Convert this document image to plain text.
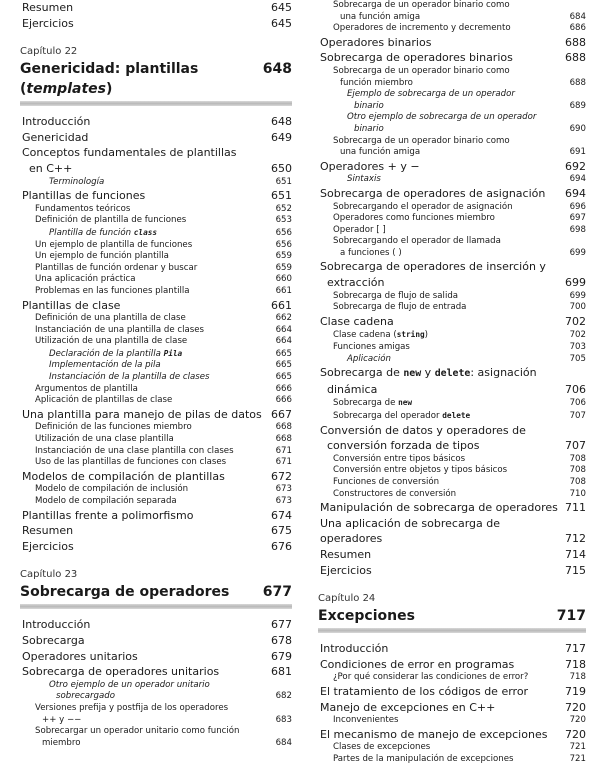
Resumen	645
Ejercicios	645
Capítulo 22
Genericidad: plantillas (templates)
648
Introducción	648
Genericidad	649
Conceptos fundamentales de plantillas
en C++	650
Terminología	651
Plantillas de funciones	651
Fundamentos teóricos	652
Definición de plantilla de funciones	653
Plantilla de función class	656
Un ejemplo de plantilla de funciones	656
Un ejemplo de función plantilla	659
Plantillas de función ordenar y buscar	659
Una aplicación práctica	660
Problemas en las funciones plantilla	661
Plantillas de clase	661
Definición de una plantilla de clase	662
Instanciación de una plantilla de clases	664
Utilización de una plantilla de clase	664
Declaración de la plantilla Pila	665
Implementación de la pila	665
Instanciación de la plantilla de clases	665
Argumentos de plantilla	666
Aplicación de plantillas de clase	666
Una plantilla para manejo de pilas de datos 667
Definición de las funciones miembro	668
Utilización de una clase plantilla	668
Instanciación de una clase plantilla con clases	671
Uso de las plantillas de funciones con clases	671
Modelos de compilación de plantillas	672
Modelo de compilación de inclusión	673
Modelo de compilación separada	673
Plantillas frente a polimorfismo	674
Resumen	675
Ejercicios	676
Capítulo 23
Sobrecarga de operadores 677
Introducción	677
Sobrecarga	678
Operadores unitarios	679
Sobrecarga de operadores unitarios	681
Otro ejemplo de un operador unitario
sobrecargado	682
Versiones prefija y postfija de los operadores
++ y −−	683
Sobrecargar un operador unitario como función
miembro	684
Sobrecarga de un operador binario como
una función amiga	684
Operadores de incremento y decremento	686
Operadores binarios	688
Sobrecarga de operadores binarios	688
Sobrecarga de un operador binario como
función miembro	688
Ejemplo de sobrecarga de un operador
binario	689
Otro ejemplo de sobrecarga de un operador
binario	690
Sobrecarga de un operador binario como
una función amiga	691
Operadores + y −	692
Sintaxis	694
Sobrecarga de operadores de asignación 694
Sobrecargando el operador de asignación	696
Operadores como funciones miembro	697
Operador [ ]	698
Sobrecargando el operador de llamada
a funciones ( )	699
Sobrecarga de operadores de inserción y
extracción	699
Sobrecarga de flujo de salida	699
Sobrecarga de flujo de entrada	700
Clase cadena	702
Clase cadena (string)	702
Funciones amigas	703
Aplicación	705
Sobrecarga de new y delete: asignación
dinámica	706
Sobrecarga de new	706
Sobrecarga del operador delete	707
Conversión de datos y operadores de
conversión forzada de tipos	707
Conversión entre tipos básicos	708
Conversión entre objetos y tipos básicos	708
Funciones de conversión	708
Constructores de conversión	710
Manipulación de sobrecarga de operadores 711
Una aplicación de sobrecarga de operadores	712
Resumen	714
Ejercicios	715
Capítulo 24
Excepciones	717
Introducción	717
Condiciones de error en programas	718
¿Por qué considerar las condiciones de error?	718
El tratamiento de los códigos de error	719
Manejo de excepciones en C++	720
Inconvenientes	720
El mecanismo de manejo de excepciones 720
Clases de excepciones	721
Partes de la manipulación de excepciones	721
